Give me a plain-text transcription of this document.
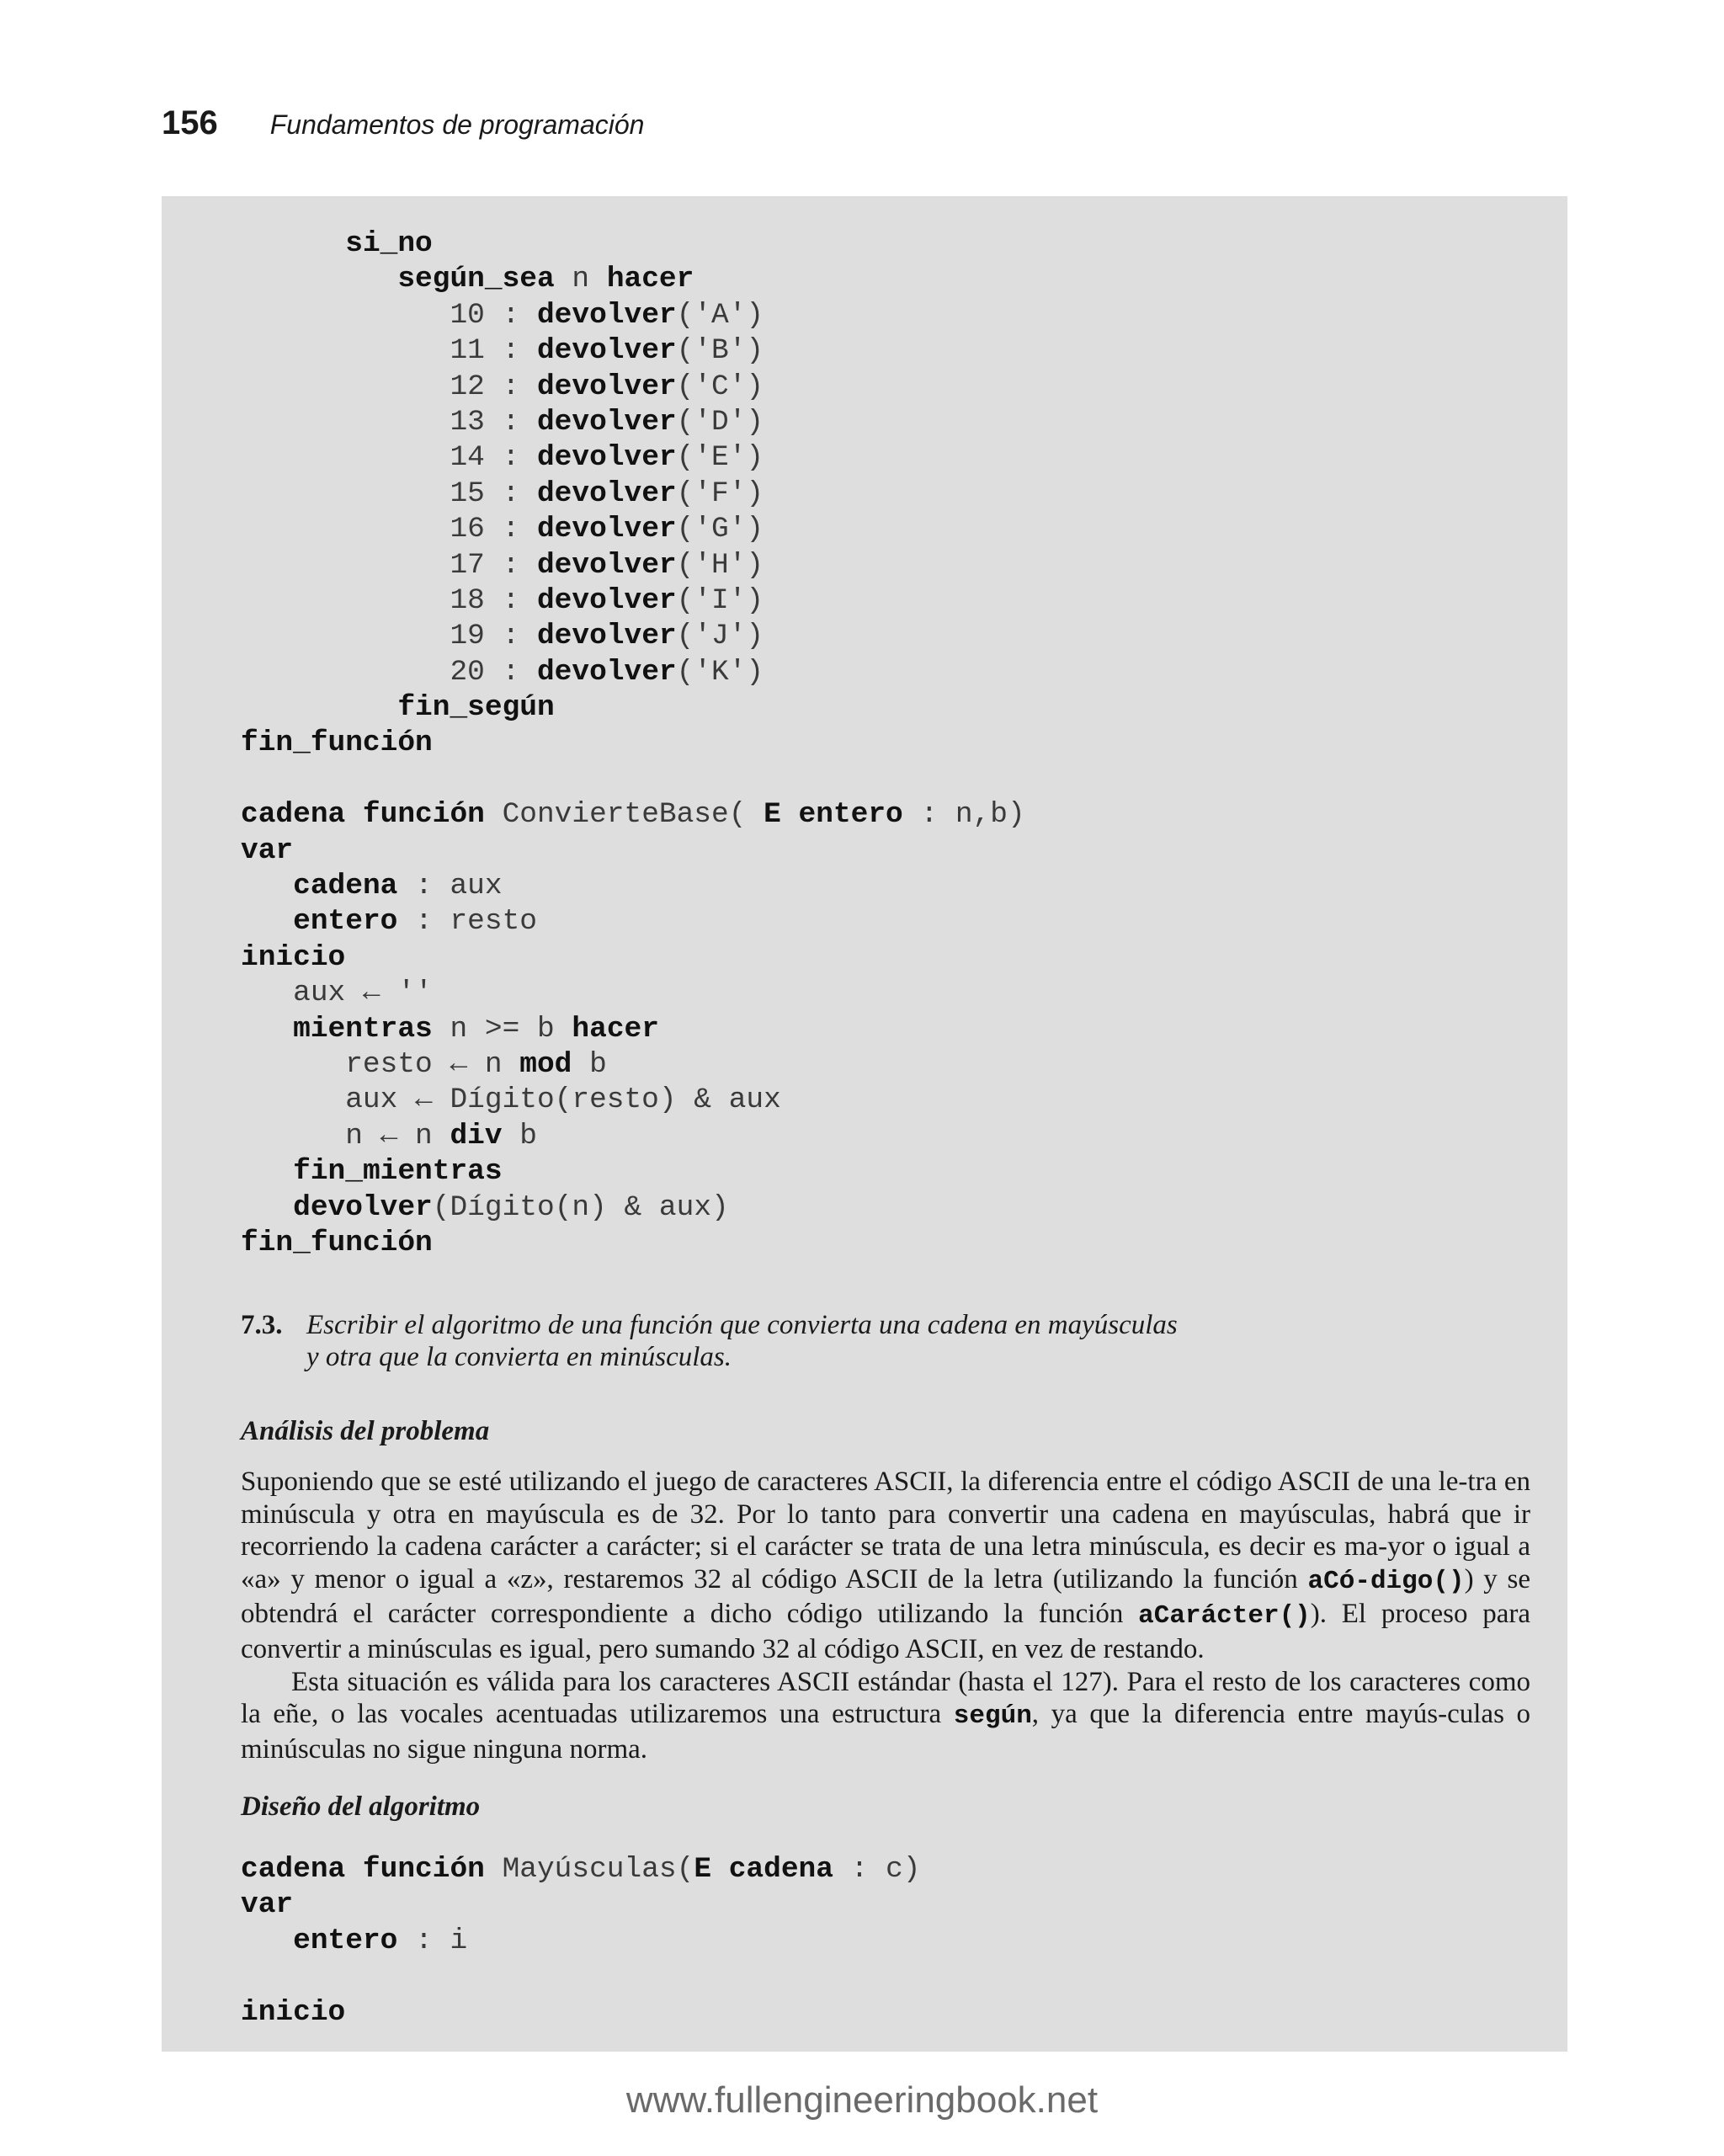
156 Fundamentos de programación
si_no
según_sea n hacer
10 : devolver('A')
11 : devolver('B')
12 : devolver('C')
13 : devolver('D')
14 : devolver('E')
15 : devolver('F')
16 : devolver('G')
17 : devolver('H')
18 : devolver('I')
19 : devolver('J')
20 : devolver('K')
fin_según
fin_función
cadena función ConvierteBase( E entero : n,b)
var
cadena : aux
entero : resto
inicio
aux ← ''
mientras n >= b hacer
resto ← n mod b
aux ← Dígito(resto) & aux
n ← n div b
fin_mientras
devolver(Dígito(n) & aux)
fin_función
7.3. Escribir el algoritmo de una función que convierta una cadena en mayúsculas
y otra que la convierta en minúsculas.
Análisis del problema

Suponiendo que se esté utilizando el juego de caracteres ASCII, la diferencia entre el código ASCII de una le-tra en minúscula y otra en mayúscula es de 32. Por lo tanto para convertir una cadena en mayúsculas, habrá que ir recorriendo la cadena carácter a carácter; si el carácter se trata de una letra minúscula, es decir es ma-yor o igual a «a» y menor o igual a «z», restaremos 32 al código ASCII de la letra (utilizando la función aCó-digo()) y se obtendrá el carácter correspondiente a dicho código utilizando la función aCarácter()). El proceso para convertir a minúsculas es igual, pero sumando 32 al código ASCII, en vez de restando.

Esta situación es válida para los caracteres ASCII estándar (hasta el 127). Para el resto de los caracteres como la eñe, o las vocales acentuadas utilizaremos una estructura según, ya que la diferencia entre mayús-culas o minúsculas no sigue ninguna norma.

Diseño del algoritmo
cadena función Mayúsculas(E cadena : c)
var
entero : i
inicio
www.fullengineeringbook.net
